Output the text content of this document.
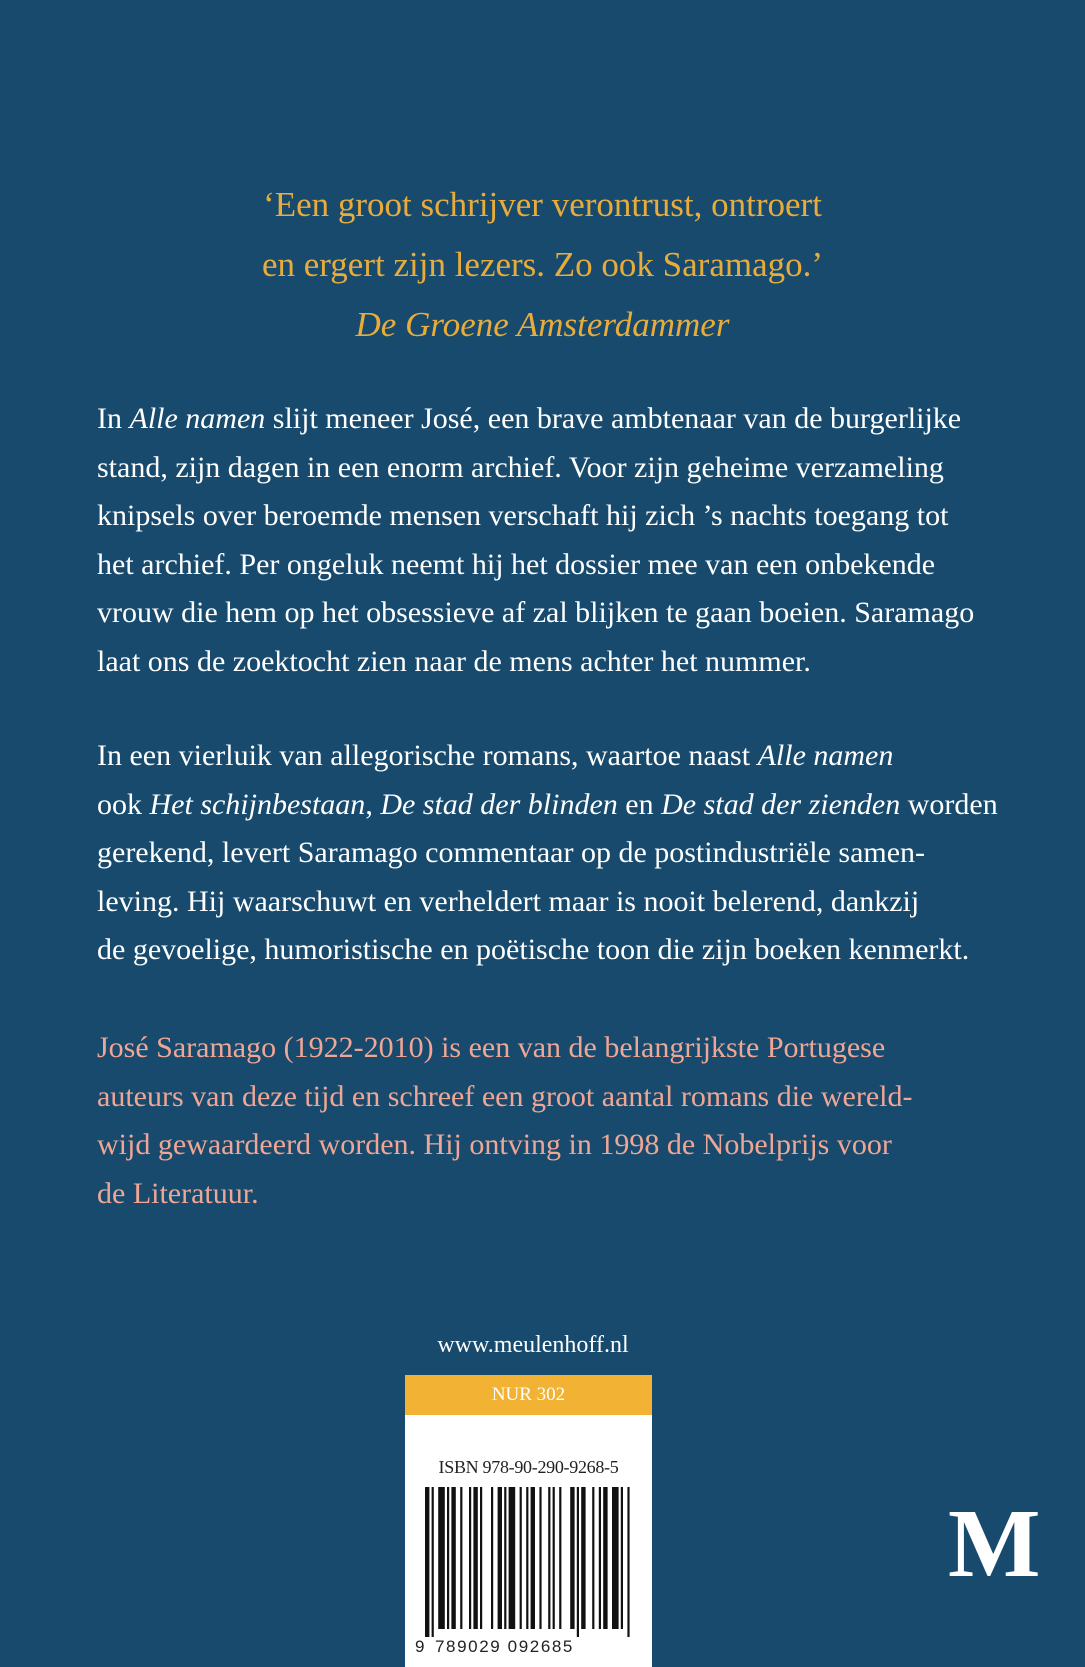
‘Een groot schrijver verontrust, ontroert
en ergert zijn lezers. Zo ook Saramago.’
De Groene Amsterdammer
In Alle namen slijt meneer José, een brave ambtenaar van de burgerlijke
stand, zijn dagen in een enorm archief. Voor zijn geheime verzameling
knipsels over beroemde mensen verschaft hij zich ’s nachts toegang tot
het archief. Per ongeluk neemt hij het dossier mee van een onbekende
vrouw die hem op het obsessieve af zal blijken te gaan boeien. Saramago
laat ons de zoektocht zien naar de mens achter het nummer.
In een vierluik van allegorische romans, waartoe naast Alle namen
ook Het schijnbestaan, De stad der blinden en De stad der zienden worden
gerekend, levert Saramago commentaar op de postindustriële samen-
leving. Hij waarschuwt en verheldert maar is nooit belerend, dankzij
de gevoelige, humoristische en poëtische toon die zijn boeken kenmerkt.
José Saramago (1922-2010) is een van de belangrijkste Portugese
auteurs van deze tijd en schreef een groot aantal romans die wereld-
wijd gewaardeerd worden. Hij ontving in 1998 de Nobelprijs voor
de Literatuur.
www.meulenhoff.nl
NUR 302
ISBN 978-90-290-9268-5
9 789029 092685
M
